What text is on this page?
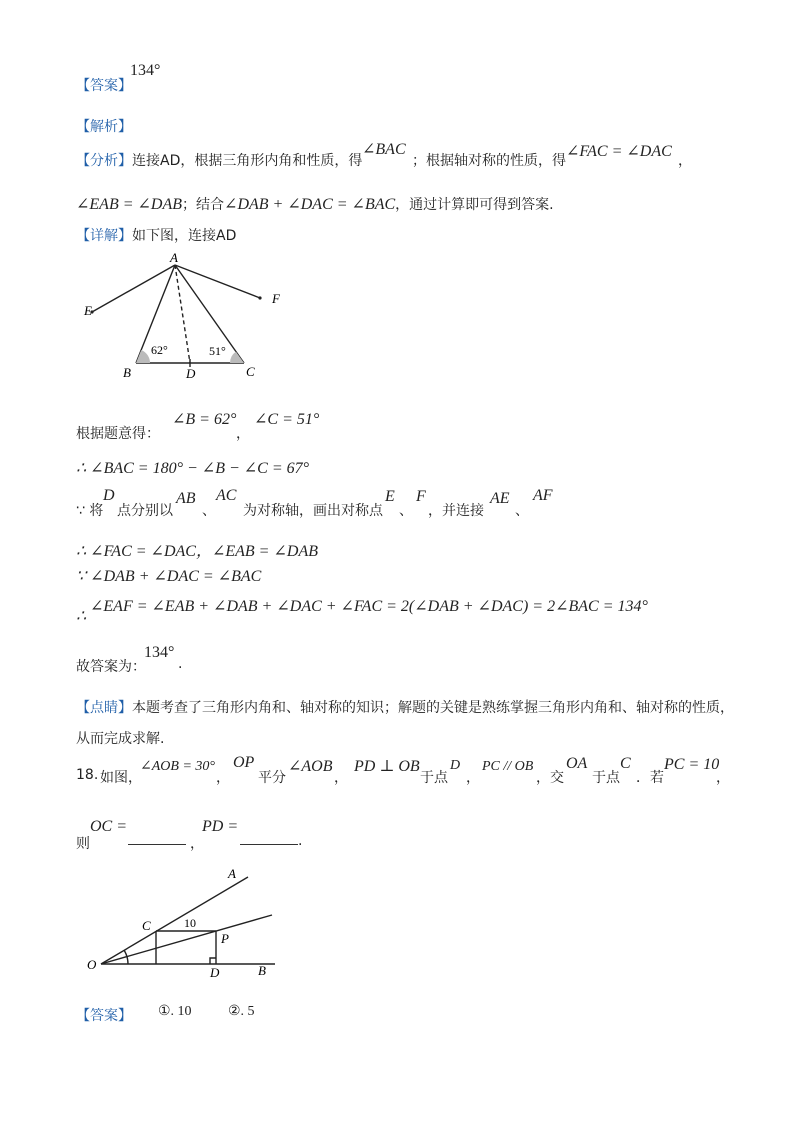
【答案】
134°
【解析】
【分析】连接AD，根据三角形内角和性质，得
∠BAC
；根据轴对称的性质，得
∠FAC = ∠DAC
，
∠EAB = ∠DAB；结合∠DAB + ∠DAC = ∠BAC，通过计算即可得到答案.
【详解】如下图，连接AD
A
B	D	C
E
F
62°	51°
根据题意得：
∠B = 62°
，
∠C = 51°
∴ ∠BAC = 180° − ∠B − ∠C = 67°
∵ 将
D
点分别以
AB
、
AC
为对称轴，画出对称点
E
、
F
，并连接
AE
、
AF
∴ ∠FAC = ∠DAC，∠EAB = ∠DAB
∵ ∠DAB + ∠DAC = ∠BAC
∴
∠EAF = ∠EAB + ∠DAB + ∠DAC + ∠FAC = 2(∠DAB + ∠DAC) = 2∠BAC = 134°
故答案为：
134°
.
【点睛】本题考查了三角形内角和、轴对称的知识；解题的关键是熟练掌握三角形内角和、轴对称的性质，
从而完成求解.
18. 如图，
∠AOB = 30°
，
OP
平分
∠AOB
，
PD ⊥ OB
于点
D
，
PC // OB
，交
OA
于点
C
．若
PC = 10
，
则
OC =
，
PD =
.
A
B
C
D
O
P
10
【答案】 ①. 10	②. 5
